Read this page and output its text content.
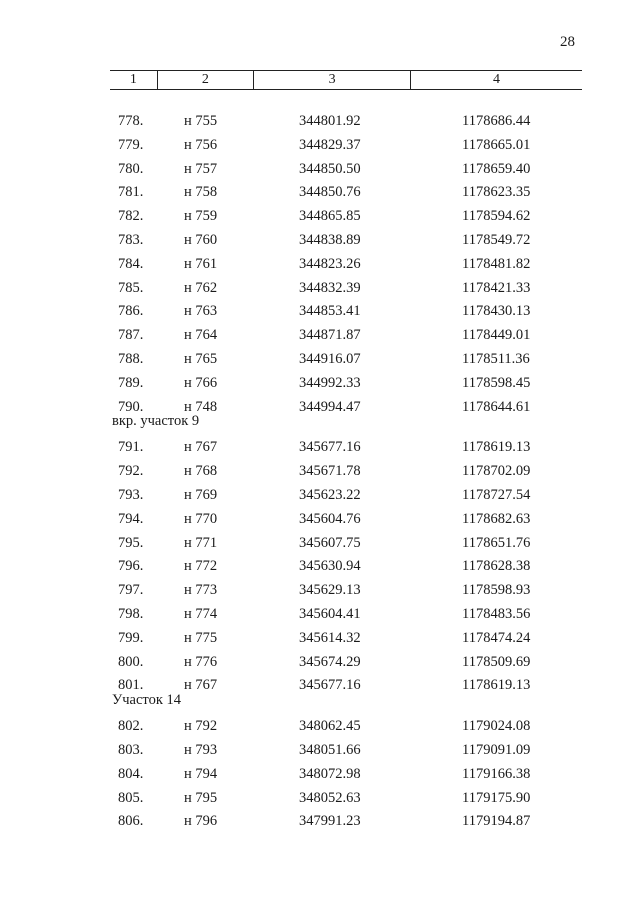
28
1	2	3	4
778.	н 755	344801.92	1178686.44
779.	н 756	344829.37	1178665.01
780.	н 757	344850.50	1178659.40
781.	н 758	344850.76	1178623.35
782.	н 759	344865.85	1178594.62
783.	н 760	344838.89	1178549.72
784.	н 761	344823.26	1178481.82
785.	н 762	344832.39	1178421.33
786.	н 763	344853.41	1178430.13
787.	н 764	344871.87	1178449.01
788.	н 765	344916.07	1178511.36
789.	н 766	344992.33	1178598.45
790.	н 748	344994.47	1178644.61
вкр. участок 9
791.	н 767	345677.16	1178619.13
792.	н 768	345671.78	1178702.09
793.	н 769	345623.22	1178727.54
794.	н 770	345604.76	1178682.63
795.	н 771	345607.75	1178651.76
796.	н 772	345630.94	1178628.38
797.	н 773	345629.13	1178598.93
798.	н 774	345604.41	1178483.56
799.	н 775	345614.32	1178474.24
800.	н 776	345674.29	1178509.69
801.	н 767	345677.16	1178619.13
Участок 14
802.	н 792	348062.45	1179024.08
803.	н 793	348051.66	1179091.09
804.	н 794	348072.98	1179166.38
805.	н 795	348052.63	1179175.90
806.	н 796	347991.23	1179194.87
